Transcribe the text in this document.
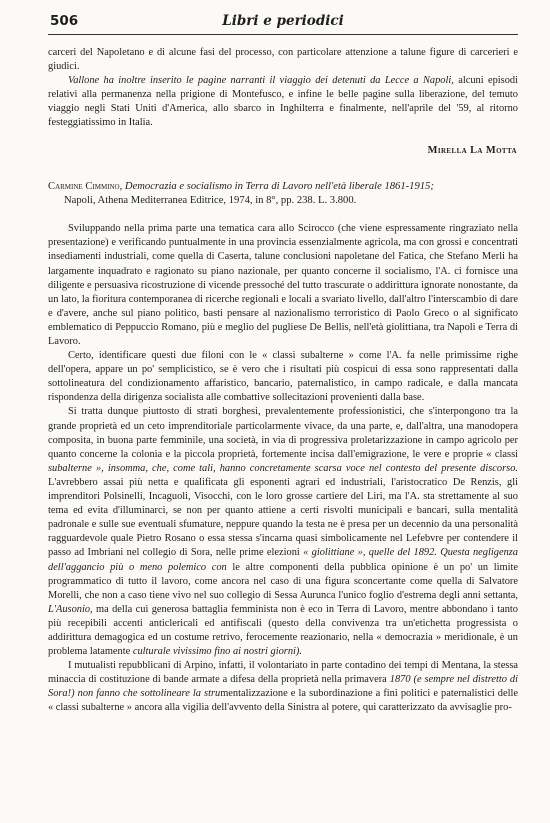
506	Libri e periodici

carceri del Napoletano e di alcune fasi del processo, con particolare attenzione a talune figure di carcerieri e giudici.

Vallone ha inoltre inserito le pagine narranti il viaggio dei detenuti da Lecce a Napoli, alcuni episodi relativi alla permanenza nella prigione di Montefusco, e infine le belle pagine sulla liberazione, del temuto viaggio negli Stati Uniti d'America, allo sbarco in Inghilterra e finalmente, nell'aprile del '59, al ritorno festeggiatissimo in Italia.

Mirella La Motta
Carmine Cimmino, Democrazia e socialismo in Terra di Lavoro nell'età liberale 1861-1915;
Napoli, Athena Mediterranea Editrice, 1974, in 8°, pp. 238. L. 3.800.

Sviluppando nella prima parte una tematica cara allo Scirocco (che viene espressamente ringraziato nella presentazione) e verificando puntualmente in una provincia essenzialmente agricola, ma con grossi e concentrati insediamenti industriali, come quella di Caserta, talune conclusioni napoletane del Fatica, che Stefano Merli ha largamente inquadrato e ragionato su piano nazionale, per quanto concerne il socialismo, l'A. ci fornisce una diligente e persuasiva ricostruzione di vicende pressoché del tutto trascurate o addirittura ignorate nonostante, da un lato, la fioritura contemporanea di ricerche regionali e locali a svariato livello, dall'altro l'interscambio di dare e d'avere, anche sul piano politico, basti pensare al nazionalismo terroristico di Paolo Greco o al significato emblematico di Peppuccio Romano, più e meglio del pugliese De Bellis, nell'età giolittiana, tra Napoli e Terra di Lavoro.

Certo, identificare questi due filoni con le « classi subalterne » come l'A. fa nelle primissime righe dell'opera, appare un po' semplicistico, se è vero che i risultati più cospicui di essa sono rappresentati dalla sottolineatura del condizionamento affaristico, bancario, paternalistico, in campo radicale, e dalla mancata rispondenza della dirigenza socialista alle combattive sollecitazioni provenienti dalla base.

Si tratta dunque piuttosto di strati borghesi, prevalentemente professionistici, che s'interpongono tra la grande proprietà ed un ceto imprenditoriale particolarmente vivace, da una parte, e, dall'altra, una manodopera composita, in buona parte femminile, una società, in via di progressiva proletarizzazione in campo agricolo per quanto concerne la colonia e la piccola proprietà, fortemente incisa dall'emigrazione, le vere e proprie « classi subalterne », insomma, che, come tali, hanno concretamente scarsa voce nel contesto del presente discorso. L'avrebbero assai più netta e qualificata gli esponenti agrari ed industriali, l'aristocratico De Renzis, gli imprenditori Polsinelli, Incaguoli, Visocchi, con le loro grosse cartiere del Liri, ma l'A. sta strettamente al suo tema ed evita d'illuminarci, se non per quanto attiene a certi risvolti municipali e bancari, sulla mentalità padronale e sulle sue eventuali sfumature, neppure quando la testa ne è presa per un decennio da una personalità ragguardevole quale Pietro Rosano o essa stessa s'incarna quasi simbolicamente nel Lefebvre per contendere il passo ad Imbriani nel collegio di Sora, nelle prime elezioni « giolittiane », quelle del 1892. Questa negligenza dell'aggancio più o meno polemico con le altre componenti della pubblica opinione è un po' un limite programmatico di tutto il lavoro, come ancora nel caso di una figura sconcertante come quella di Salvatore Morelli, che non a caso tiene vivo nel suo collegio di Sessa Aurunca l'unico foglio d'estrema degli anni settanta, L'Ausonio, ma della cui generosa battaglia femminista non è eco in Terra di Lavoro, mentre abbondano i tanto più recepibili accenti anticlericali ed antifiscali (questo della convivenza tra un'etichetta progressista o addirittura demagogica ed un costume retrivo, ferocemente reazionario, nella « democrazia » meridionale, è un problema latamente culturale vivissimo fino ai nostri giorni).

I mutualisti repubblicani di Arpino, infatti, il volontariato in parte contadino dei tempi di Mentana, la stessa minaccia di costituzione di bande armate a difesa della proprietà nella primavera 1870 (e sempre nel distretto di Sora!) non fanno che sottolineare la strumentalizzazione e la subordinazione a fini politici e paternalistici delle « classi subalterne » ancora alla vigilia dell'avvento della Sinistra al potere, qui caratterizzato da avvisaglie pro-
